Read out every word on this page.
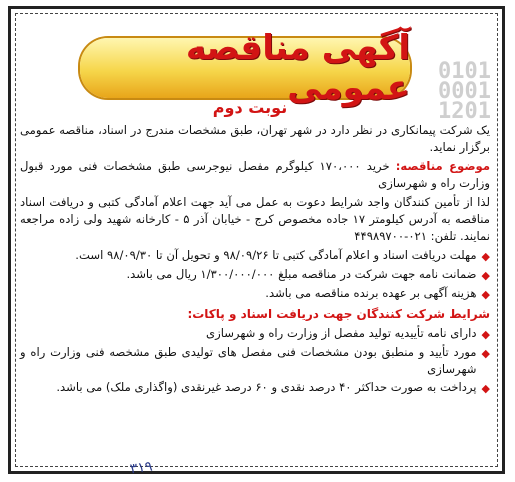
آگهی مناقصه عمومی 0101
0001
1201
نوبت دوم

یک شرکت پیمانکاری در نظر دارد در شهر تهران، طبق مشخصات مندرج در اسناد، مناقصه عمومی برگزار نماید.

موضوع مناقصه: خرید ۱۷۰،۰۰۰ کیلوگرم مفصل نیوجرسی طبق مشخصات فنی مورد قبول وزارت راه و شهرسازی

لذا از تأمین کنندگان واجد شرایط دعوت به عمل می آید جهت اعلام آمادگی کتبی و دریافت اسناد مناقصه به آدرس کیلومتر ۱۷ جاده مخصوص کرج - خیابان آذر ۵ - کارخانه شهید ولی زاده مراجعه نمایند. تلفن: ۰۲۱-۴۴۹۸۹۷۰۰

◆
مهلت دریافت اسناد و اعلام آمادگی کتبی تا ۹۸/۰۹/۲۶ و تحویل آن تا ۹۸/۰۹/۳۰ است.
◆
ضمانت نامه جهت شرکت در مناقصه مبلغ ۱/۳۰۰/۰۰۰/۰۰۰ ریال می باشد.
◆
هزینه آگهی بر عهده برنده مناقصه می باشد.
شرایط شرکت کنندگان جهت دریافت اسناد و پاکات:
◆
دارای نامه تأییدیه تولید مفصل از وزارت راه و شهرسازی
◆
مورد تأیید و منطبق بودن مشخصات فنی مفصل های تولیدی طبق مشخصه فنی وزارت راه و شهرسازی
◆
پرداخت به صورت حداکثر ۴۰ درصد نقدی و ۶۰ درصد غیرنقدی (واگذاری ملک) می باشد.
۳۱۹
